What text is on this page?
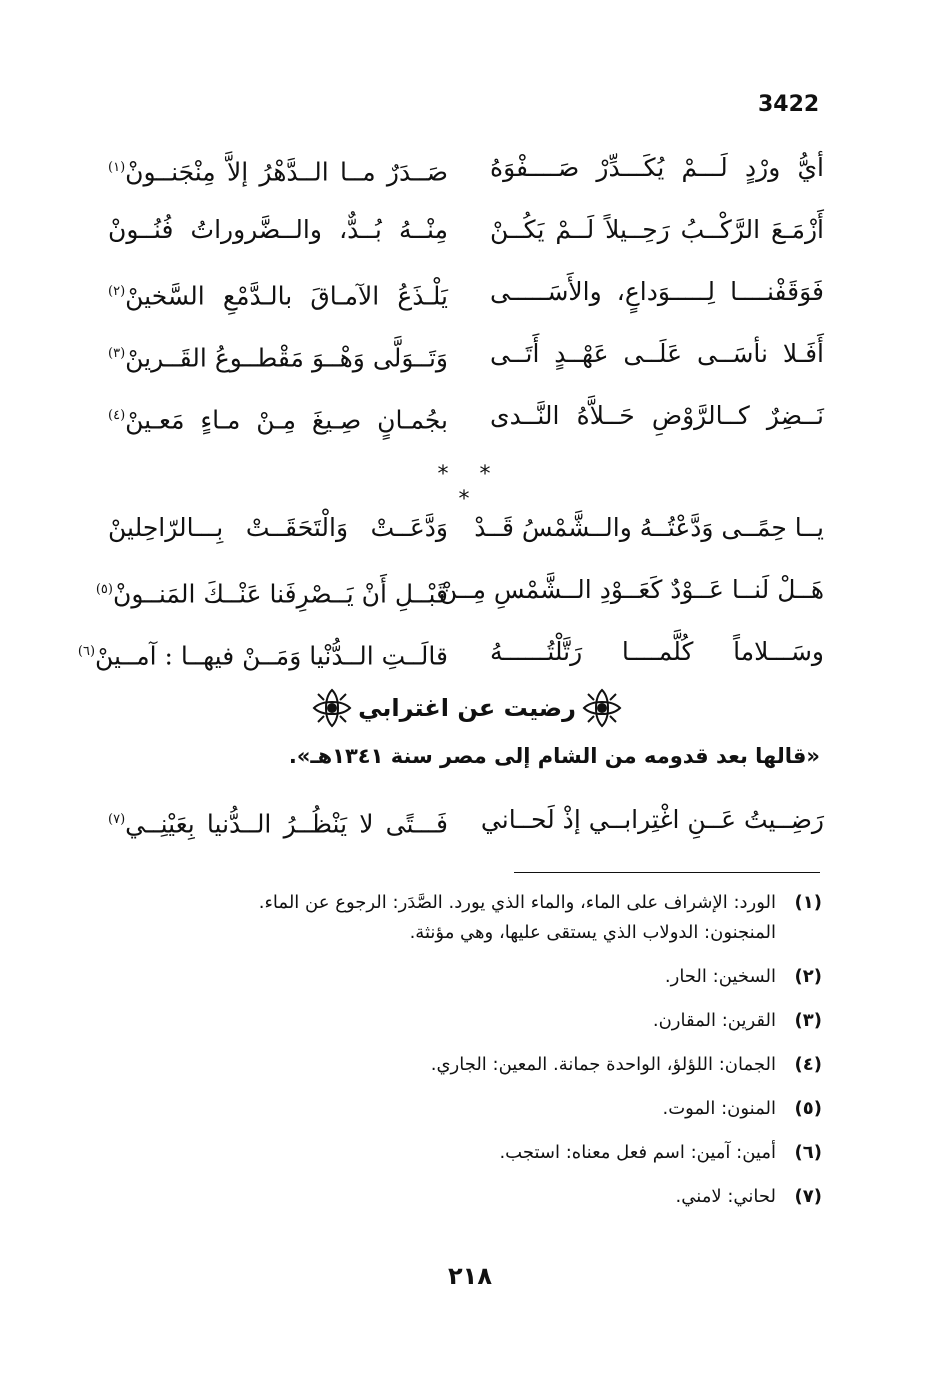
3422
أيُّ ورْدٍ لَـــمْ يُكَـــدِّرْ صَــــفْوَهُ
صَــدَرٌ مــا الــدَّهْرُ إلاَّ مِنْجَنــونْ$^{(١)}$
أَزْمَـعَ الرَّكْــبُ رَحِــيلاً لَــمْ يَكُــنْ
مِنْــهُ بُــدٌّ، والــضَّروراتُ فُنُــونْ
فَوَقَفْنــــا لِـــــوَداعٍ، والأَسَـــــى
يَلْـذَعُ الآمـاقَ بالـدَّمْعِ السَّخينْ$^{(٢)}$
أَفَـلا نأسَــى عَلَــى عَهْــدٍ أَتَــى
وَتَــوَلَّى وَهْــوَ مَقْطــوعُ القَــرينْ$^{(٣)}$
نَــضِرٌ كــالرَّوْضِ حَــلاَّهُ النَّــدى
بجُمـانٍ صِـيغَ مِـنْ مـاءٍ مَعـينْ$^{(٤)}$
* * *
يــا حِمًــى وَدَّعْتُــهُ والــشَّمْسُ قَــدْ
وَدَّعَــتْ وَالْتَحَقَــتْ بِـــالرّاحِلينْ
هَــلْ لَنــا عَــوْدٌ كَعَــوْدِ الــشَّمْسِ مِــنْ
قَبْــلِ أَنْ يَــصْرِفَنا عَنْــكَ المَنــونْ$^{(٥)}$
وسَـــلاماً كُلَّمــــا رَتَّلْتُــــــهُ
قالَــتِ الــدُّنْيا وَمَــنْ فيهــا : آمــينْ$^{(٦)}$
رضيت عن اغترابي
«قالها بعد قدومه من الشام إلى مصر سنة ١٣٤١هـ».
رَضِــيتُ عَــنِ اغْتِرابــي إذْ لَحــاني
فَـــتًى لا يَنْظُــرُ الــدُّنيا بِعَيْنِــي$^{(٧)}$
(١)
الورد: الإشراف على الماء، والماء الذي يورد. الصَّدَر: الرجوع عن الماء.
المنجنون: الدولاب الذي يستقى عليها، وهي مؤنثة.
(٢)
السخين: الحار.
(٣)
القرين: المقارن.
(٤)
الجمان: اللؤلؤ، الواحدة جمانة. المعين: الجاري.
(٥)
المنون: الموت.
(٦)
أمين: آمين: اسم فعل معناه: استجب.
(٧)
لحاني: لامني.
٢١٨
